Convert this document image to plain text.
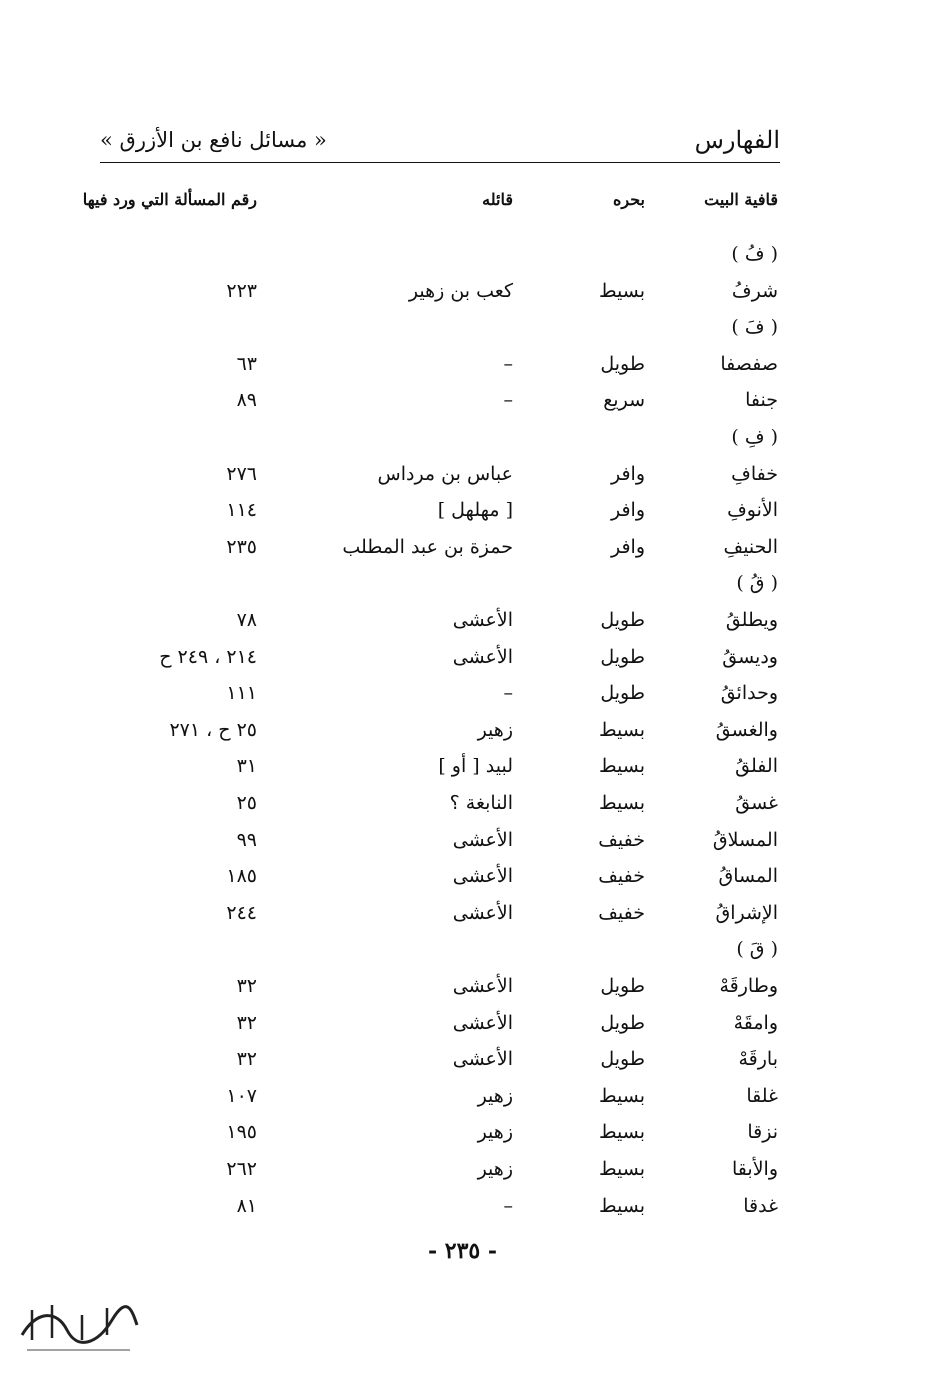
الفهارس
« مسائل نافع بن الأزرق »
قافية البيت
بحره
قائله
رقم المسألة التي ورد فيها
( فُ )
شرفُ
بسيط
كعب بن زهير
٢٢٣
( فَ )
صفصفا
طويل
–
٦٣
جنفا
سريع
–
٨٩
( فِ )
خفافِ
وافر
عباس بن مرداس
٢٧٦
الأنوفِ
وافر
[ مهلهل ]
١١٤
الحنيفِ
وافر
حمزة بن عبد المطلب
٢٣٥
( قُ )
ويطلقُ
طويل
الأعشى
٧٨
وديسقُ
طويل
الأعشى
٢١٤ ، ٢٤٩ ح
وحدائقُ
طويل
–
١١١
والغسقُ
بسيط
زهير
٢٥ ح ، ٢٧١
الفلقُ
بسيط
لبيد [ أو ]
٣١
غسقُ
بسيط
النابغة ؟
٢٥
المسلاقُ
خفيف
الأعشى
٩٩
المساقُ
خفيف
الأعشى
١٨٥
الإشراقُ
خفيف
الأعشى
٢٤٤
( قَ )
وطارقَهْ
طويل
الأعشى
٣٢
وامقَهْ
طويل
الأعشى
٣٢
بارقَهْ
طويل
الأعشى
٣٢
غلقا
بسيط
زهير
١٠٧
نزقا
بسيط
زهير
١٩٥
والأبقا
بسيط
زهير
٢٦٢
غدقا
بسيط
–
٨١
- ٢٣٥ -
